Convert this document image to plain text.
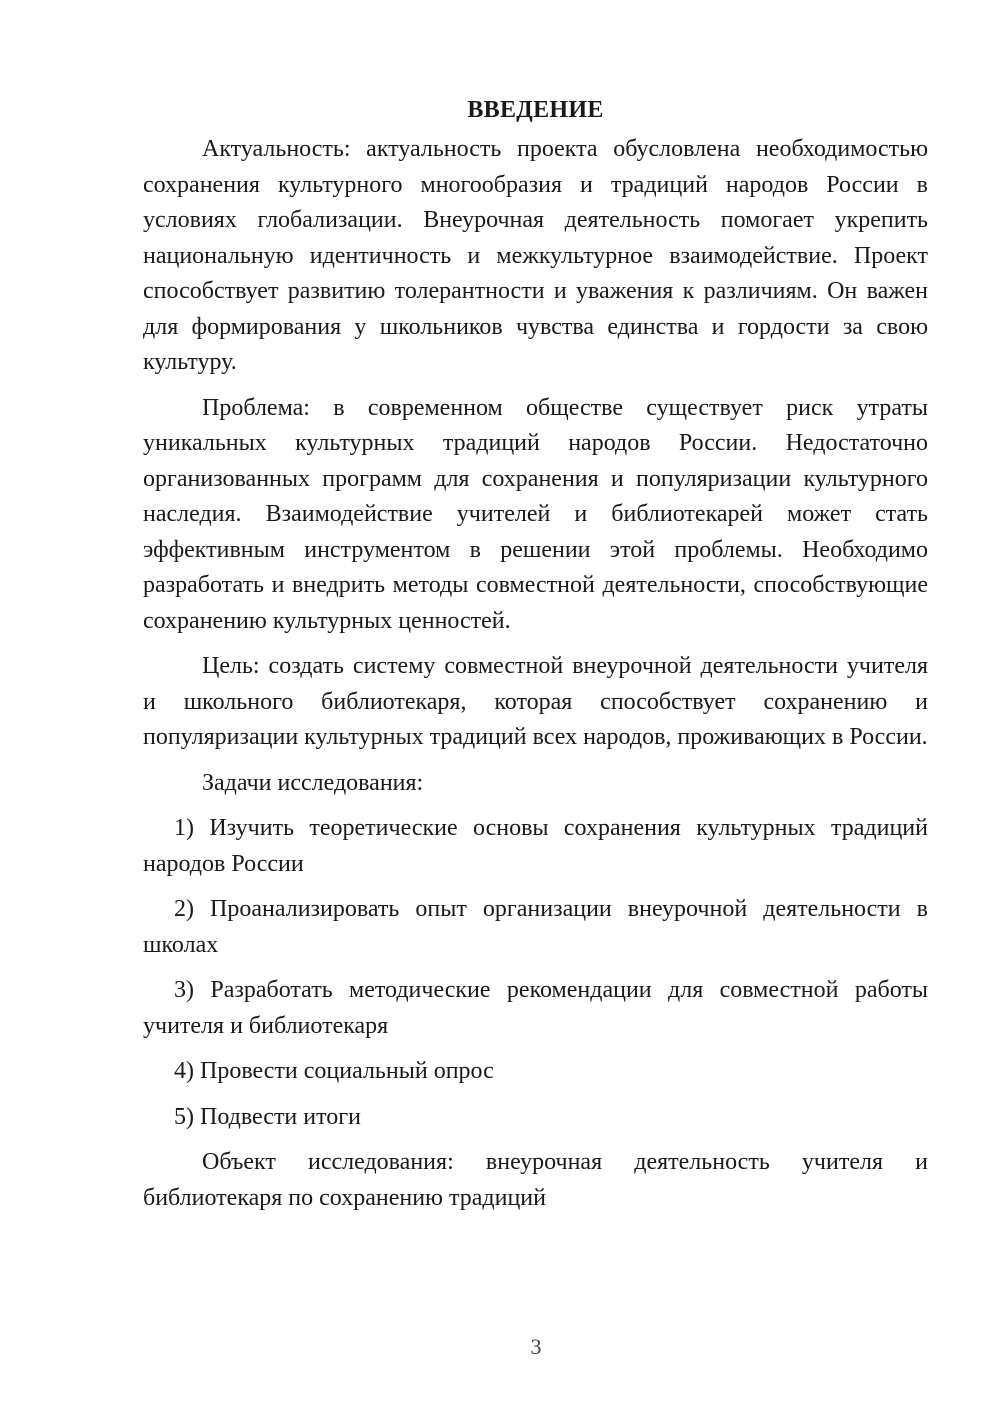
ВВЕДЕНИЕ

Актуальность: актуальность проекта обусловлена необходимостью сохранения культурного многообразия и традиций народов России в условиях глобализации. Внеурочная деятельность помогает укрепить национальную идентичность и межкультурное взаимодействие. Проект способствует развитию толерантности и уважения к различиям. Он важен для формирования у школьников чувства единства и гордости за свою культуру.

Проблема: в современном обществе существует риск утраты уникальных культурных традиций народов России. Недостаточно организованных программ для сохранения и популяризации культурного наследия. Взаимодействие учителей и библиотекарей может стать эффективным инструментом в решении этой проблемы. Необходимо разработать и внедрить методы совместной деятельности, способствующие сохранению культурных ценностей.

Цель: создать систему совместной внеурочной деятельности учителя и школьного библиотекаря, которая способствует сохранению и популяризации культурных традиций всех народов, проживающих в России.

Задачи исследования:

1) Изучить теоретические основы сохранения культурных традиций народов России

2) Проанализировать опыт организации внеурочной деятельности в школах

3) Разработать методические рекомендации для совместной работы учителя и библиотекаря

4) Провести социальный опрос

5) Подвести итоги

Объект исследования: внеурочная деятельность учителя и библиотекаря по сохранению традиций

3
